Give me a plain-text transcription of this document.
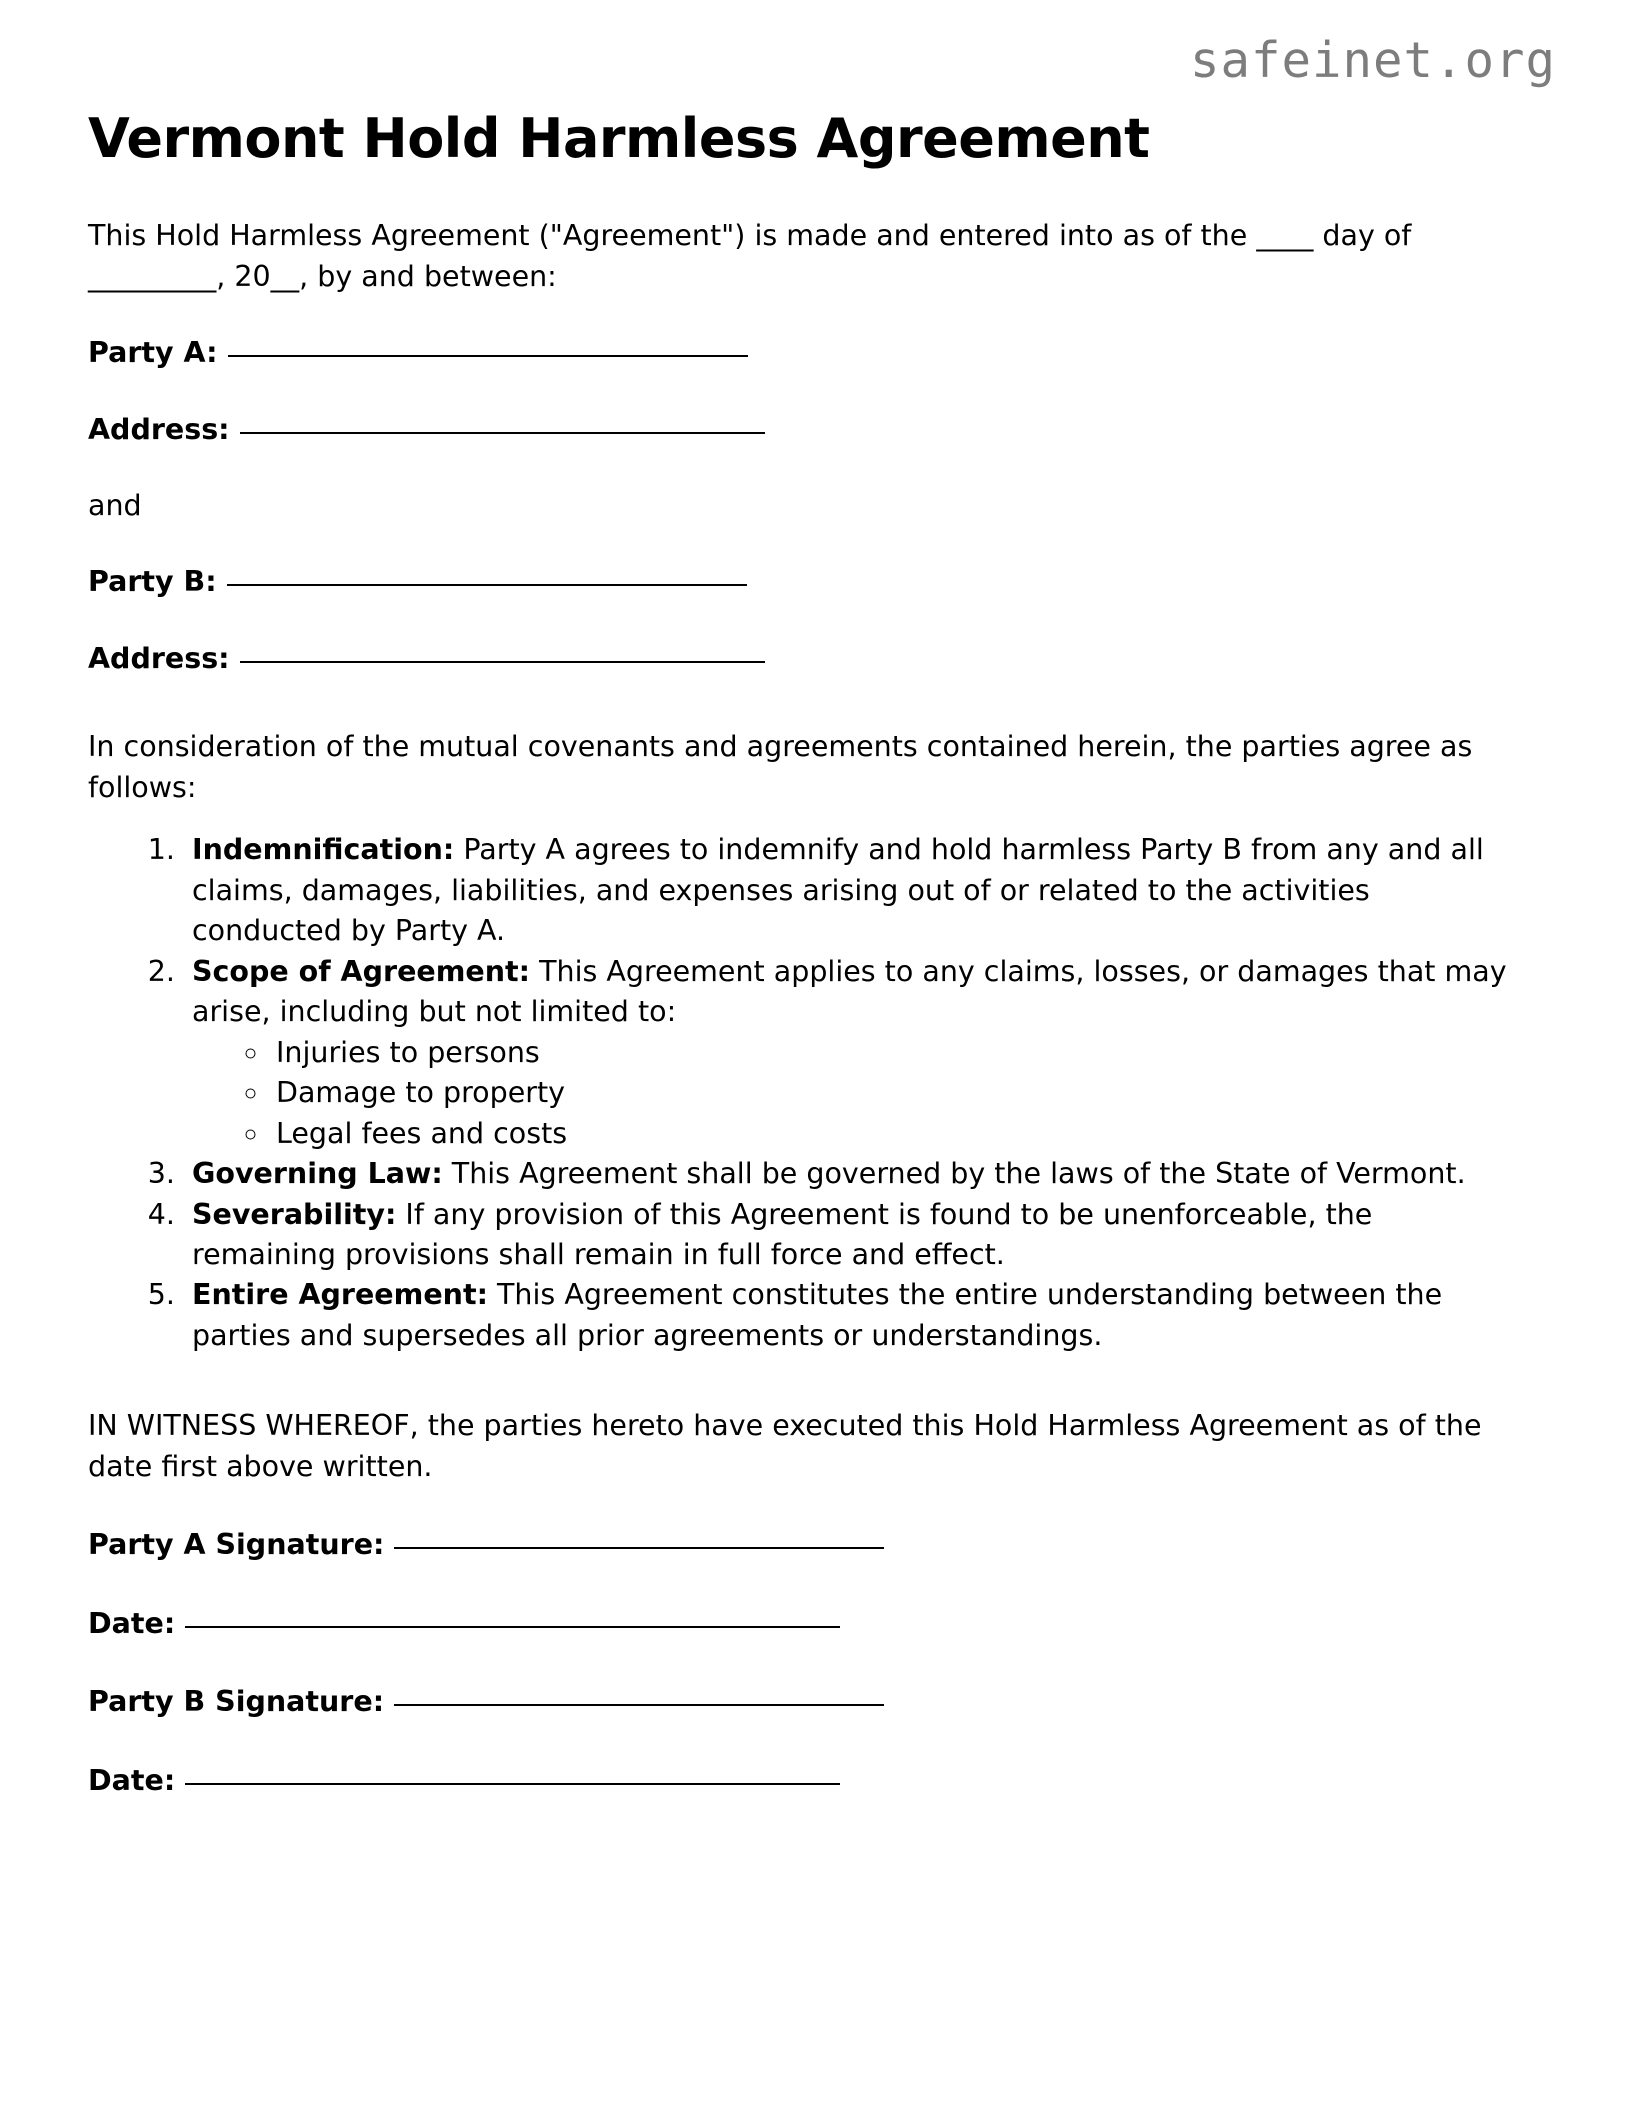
safeinet.org
Vermont Hold Harmless Agreement

This Hold Harmless Agreement ("Agreement") is made and entered into as of the ____ day of _________, 20__, by and between:

Party A:
Address:
and
Party B:
Address:

In consideration of the mutual covenants and agreements contained herein, the parties agree as follows:

1. Indemnification: Party A agrees to indemnify and hold harmless Party B from any and all claims, damages, liabilities, and expenses arising out of or related to the activities conducted by Party A.
2. Scope of Agreement: This Agreement applies to any claims, losses, or damages that may arise, including but not limited to:
◦ Injuries to persons
◦ Damage to property
◦ Legal fees and costs
3. Governing Law: This Agreement shall be governed by the laws of the State of Vermont.
4. Severability: If any provision of this Agreement is found to be unenforceable, the remaining provisions shall remain in full force and effect.
5. Entire Agreement: This Agreement constitutes the entire understanding between the parties and supersedes all prior agreements or understandings.

IN WITNESS WHEREOF, the parties hereto have executed this Hold Harmless Agreement as of the date first above written.

Party A Signature:
Date:
Party B Signature:
Date:
